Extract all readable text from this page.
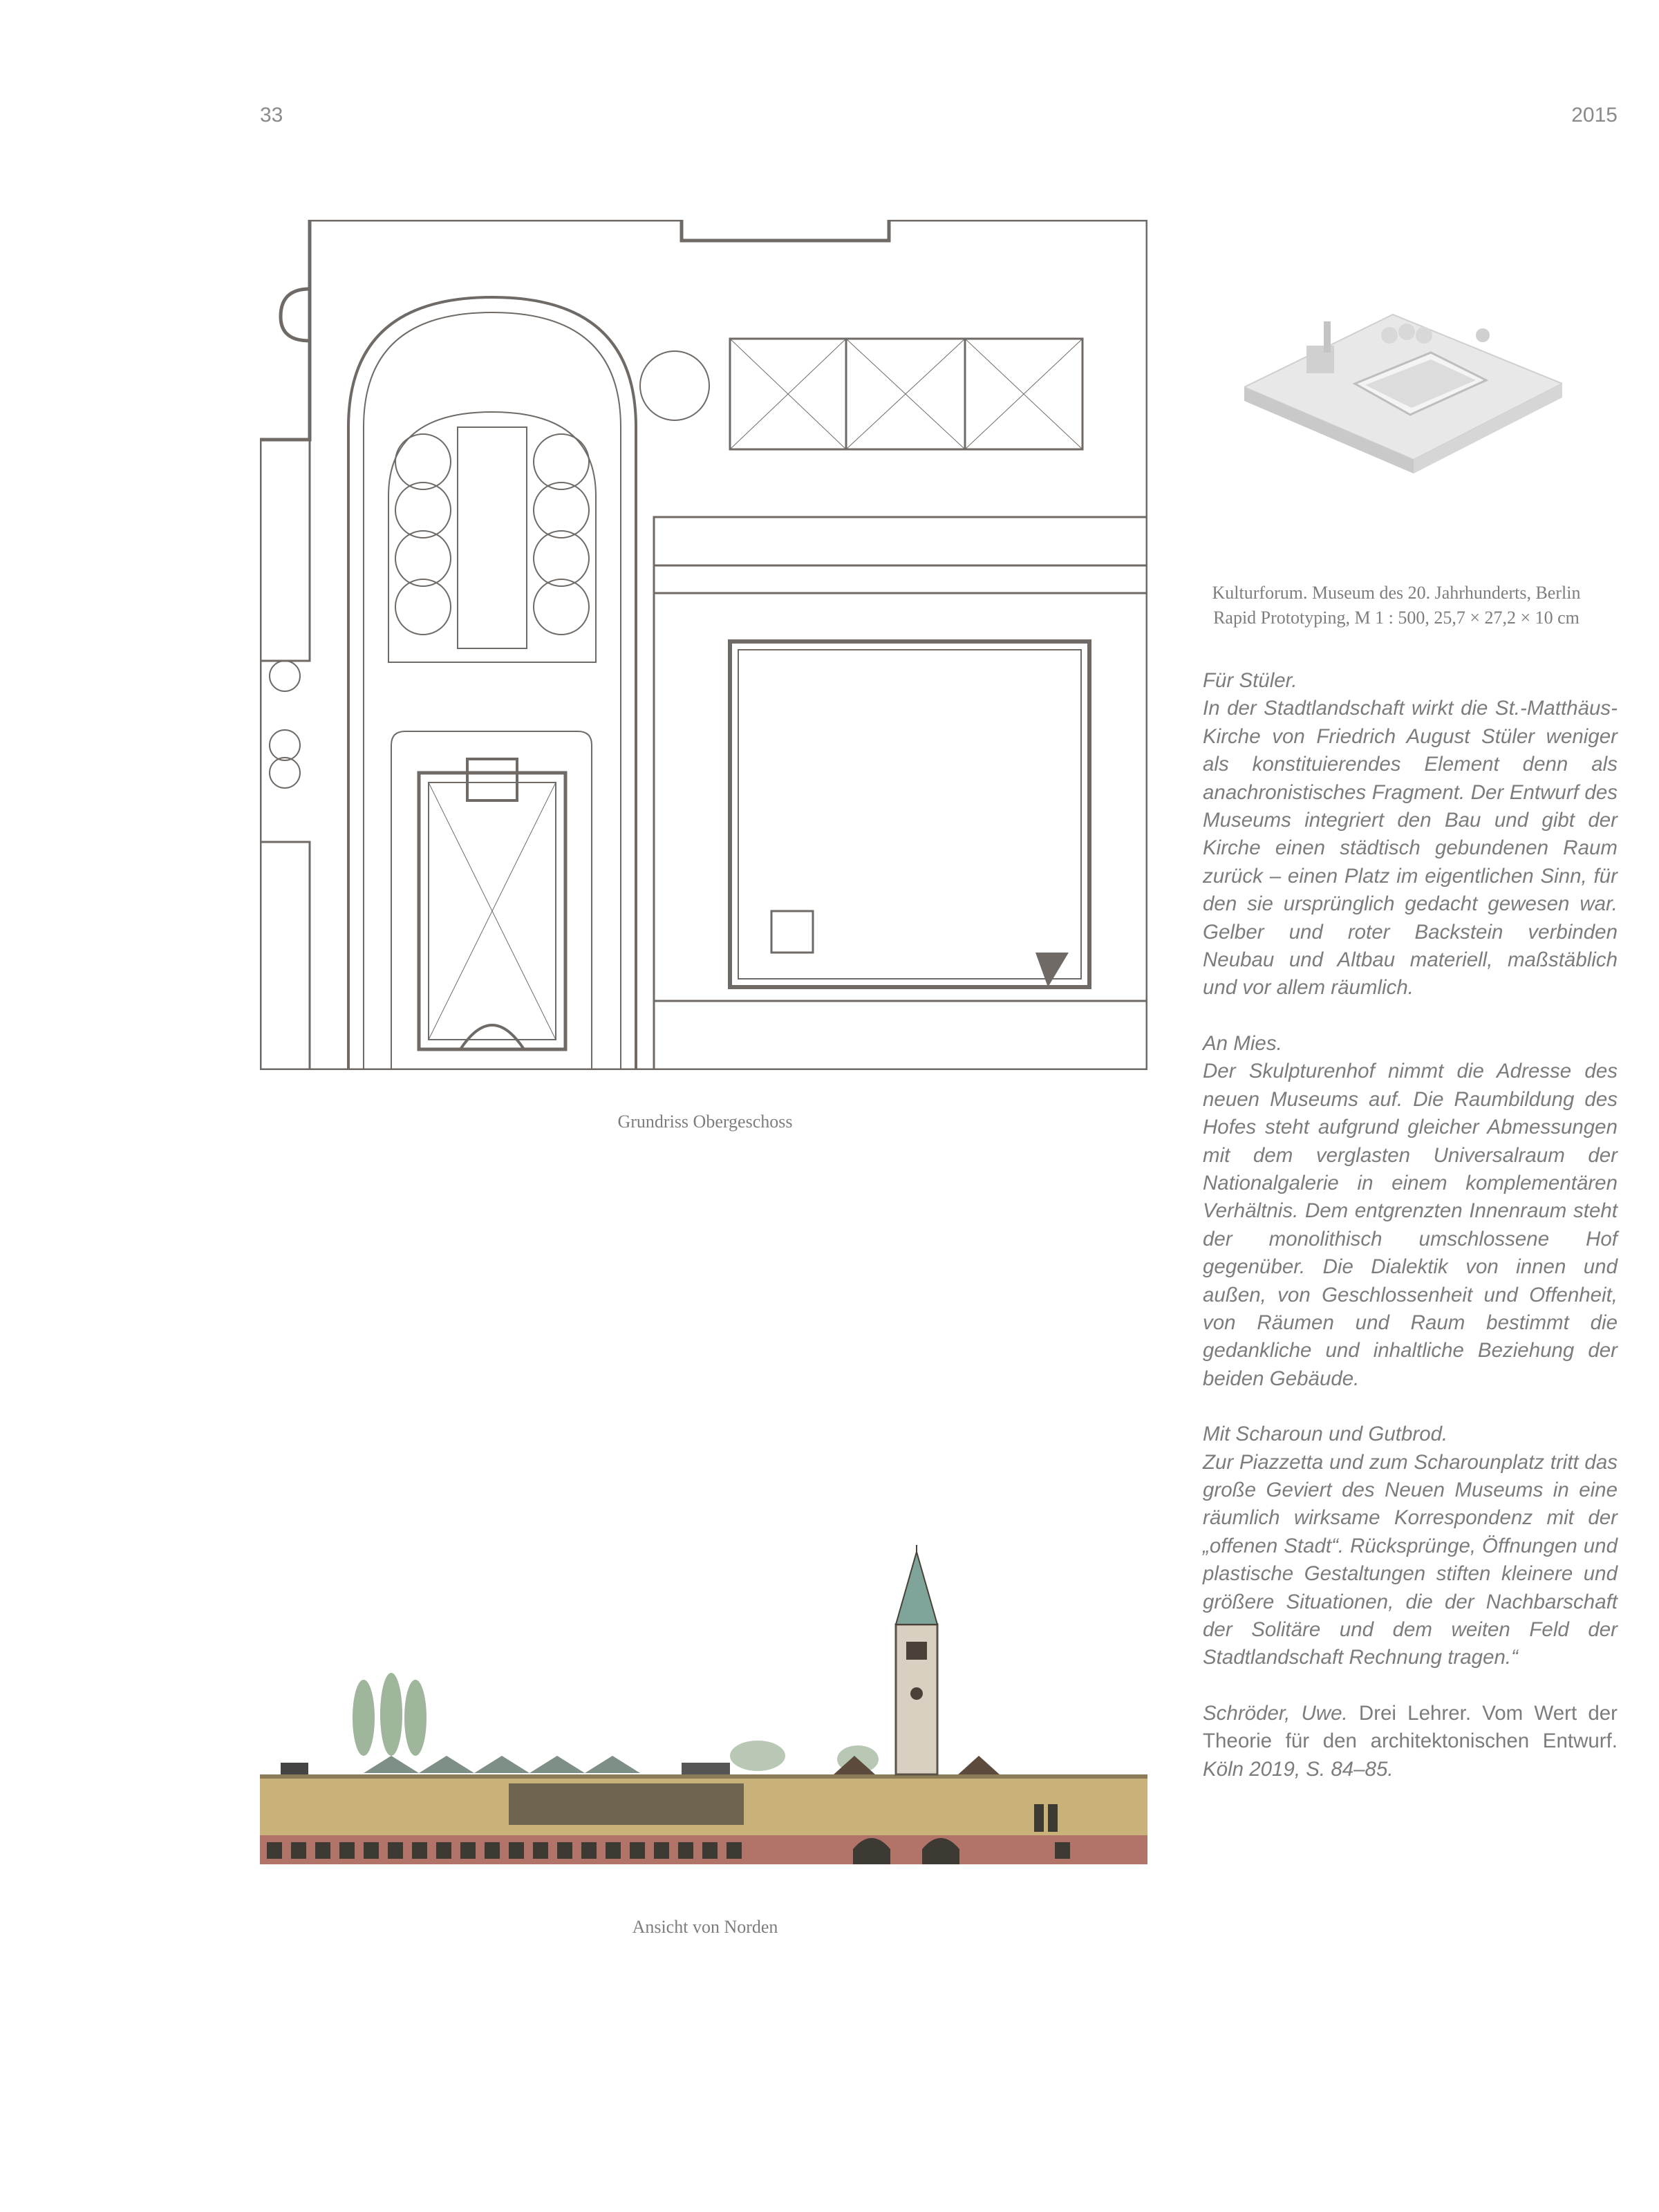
33	2015
Grundriss Obergeschoss
Kulturforum. Museum des 20. Jahrhunderts, Berlin
Rapid Prototyping, M 1 : 500, 25,7 × 27,2 × 10 cm
Ansicht von Norden

Für Stüler.
In der Stadtlandschaft wirkt die St.-Matthäus-Kirche von Friedrich August Stüler weniger als konstituierendes Element denn als anachronistisches Fragment. Der Entwurf des Museums integriert den Bau und gibt der Kirche einen städtisch gebundenen Raum zurück – einen Platz im eigentlichen Sinn, für den sie ursprünglich gedacht gewesen war. Gelber und roter Backstein verbinden Neubau und Altbau materiell, maßstäblich und vor allem räumlich.

An Mies.
Der Skulpturenhof nimmt die Adresse des neuen Museums auf. Die Raumbildung des Hofes steht aufgrund gleicher Abmessungen mit dem verglasten Universalraum der Nationalgalerie in einem komplementären Verhältnis. Dem entgrenzten Innenraum steht der monolithisch umschlossene Hof gegenüber. Die Dialektik von innen und außen, von Geschlossenheit und Offenheit, von Räumen und Raum bestimmt die gedankliche und inhaltliche Beziehung der beiden Gebäude.

Mit Scharoun und Gutbrod.
Zur Piazzetta und zum Scharounplatz tritt das große Geviert des Neuen Museums in eine räumlich wirksame Korrespondenz mit der „offenen Stadt“. Rücksprünge, Öffnungen und plastische Gestaltungen stiften kleinere und größere Situationen, die der Nachbarschaft der Solitäre und dem weiten Feld der Stadtlandschaft Rechnung tragen.“

Schröder, Uwe. Drei Lehrer. Vom Wert der Theorie für den architektonischen Entwurf. Köln 2019, S. 84–85.
